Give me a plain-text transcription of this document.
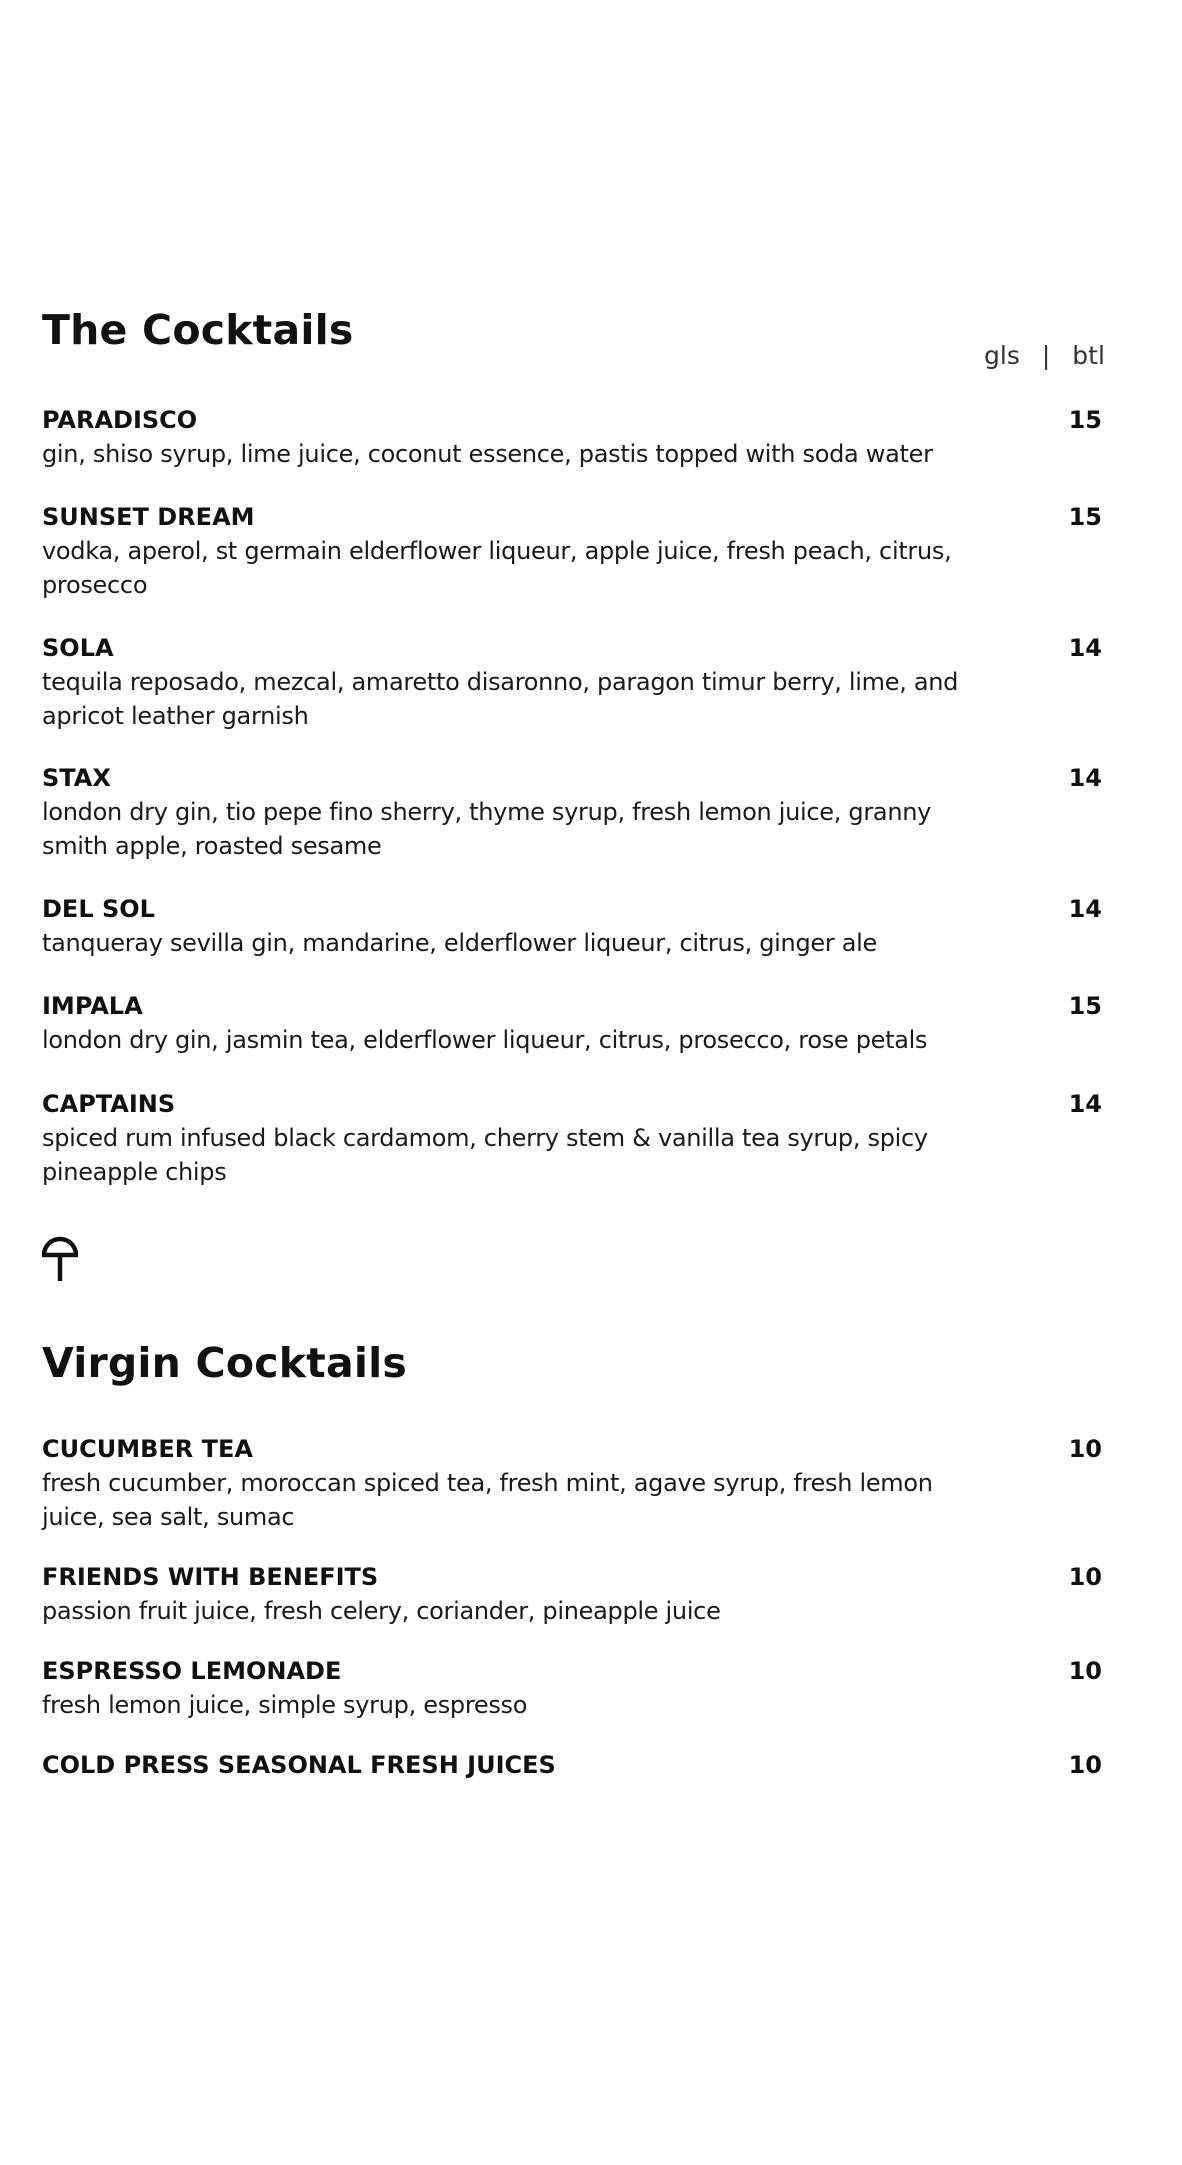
The Cocktails
gls | btl
PARADISCO
gin, shiso syrup, lime juice, coconut essence, pastis topped with soda water
15
SUNSET DREAM
vodka, aperol, st germain elderflower liqueur, apple juice, fresh peach, citrus, prosecco
15
SOLA
tequila reposado, mezcal, amaretto disaronno, paragon timur berry, lime, and apricot leather garnish
14
STAX
london dry gin, tio pepe fino sherry, thyme syrup, fresh lemon juice, granny smith apple, roasted sesame
14
DEL SOL
tanqueray sevilla gin, mandarine, elderflower liqueur, citrus, ginger ale
14
IMPALA
london dry gin, jasmin tea, elderflower liqueur, citrus, prosecco, rose petals
15
CAPTAINS
spiced rum infused black cardamom, cherry stem & vanilla tea syrup, spicy pineapple chips
14
Virgin Cocktails
CUCUMBER TEA
fresh cucumber, moroccan spiced tea, fresh mint, agave syrup, fresh lemon juice, sea salt, sumac
10
FRIENDS WITH BENEFITS
passion fruit juice, fresh celery, coriander, pineapple juice
10
ESPRESSO LEMONADE
fresh lemon juice, simple syrup, espresso
10
COLD PRESS SEASONAL FRESH JUICES	10
